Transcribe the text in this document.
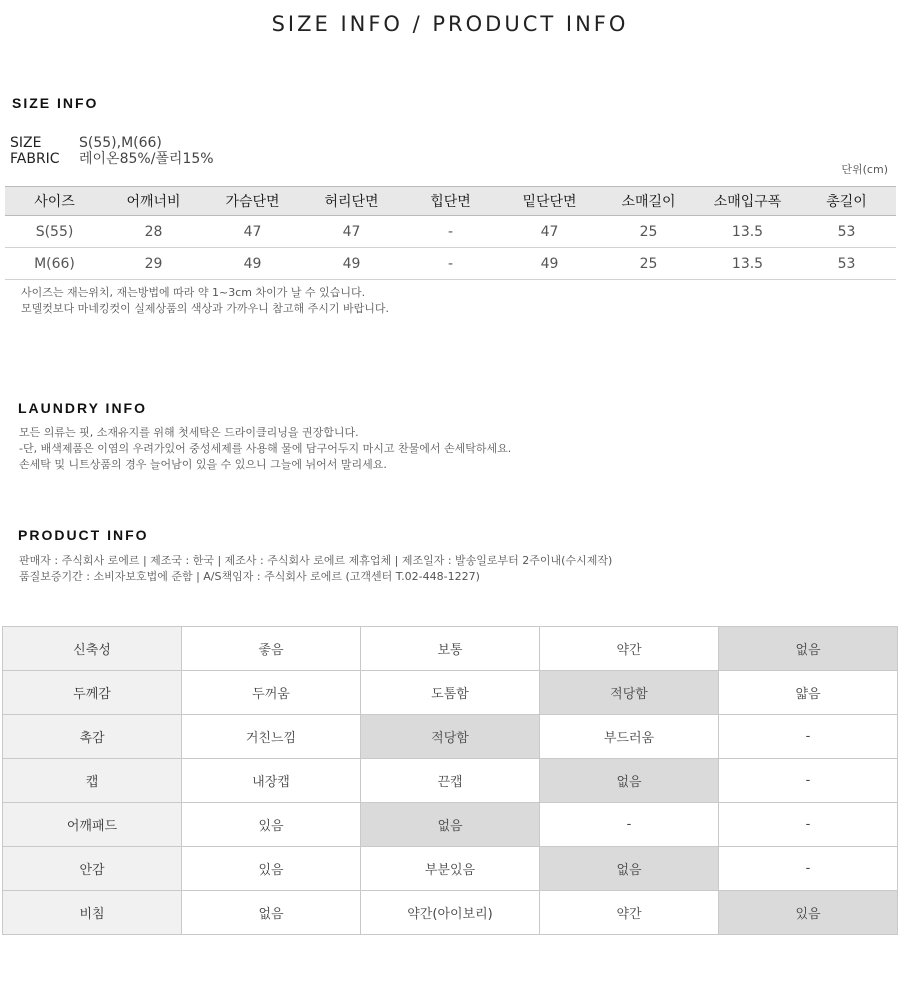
SIZE INFO / PRODUCT INFO
SIZE INFO
SIZE	S(55),M(66)
FABRIC 레이온85%/폴리15%
단위(cm)
사이즈	어깨너비	가슴단면	허리단면	힙단면	밑단단면	소매길이	소매입구폭	총길이
S(55)	28	47	47	-	47	25	13.5	53
M(66)	29	49	49	-	49	25	13.5	53
사이즈는 재는위치, 재는방법에 따라 약 1~3cm 차이가 날 수 있습니다.
모델컷보다 마네킹컷이 실제상품의 색상과 가까우니 참고해 주시기 바랍니다.
LAUNDRY INFO
모든 의류는 핏, 소재유지를 위해 첫세탁은 드라이클리닝을 권장합니다.
-단, 배색제품은 이염의 우려가있어 중성세제를 사용해 물에 담구어두지 마시고 찬물에서 손세탁하세요.
손세탁 및 니트상품의 경우 늘어남이 있을 수 있으니 그늘에 뉘어서 말리세요.
PRODUCT INFO
판매자 : 주식회사 로에르 | 제조국 : 한국 | 제조사 : 주식회사 로에르 제휴업체 | 제조일자 : 발송일로부터 2주이내(수시제작)
품질보증기간 : 소비자보호법에 준함 | A/S책임자 : 주식회사 로에르 (고객센터 T.02-448-1227)
신축성	좋음	보통	약간	없음
두께감	두꺼움	도톰함	적당함	얇음
촉감	거친느낌	적당함	부드러움	-
캡	내장캡	끈캡	없음	-
어깨패드	있음	없음	-	-
안감	있음	부분있음	없음	-
비침	없음	약간(아이보리)	약간	있음
